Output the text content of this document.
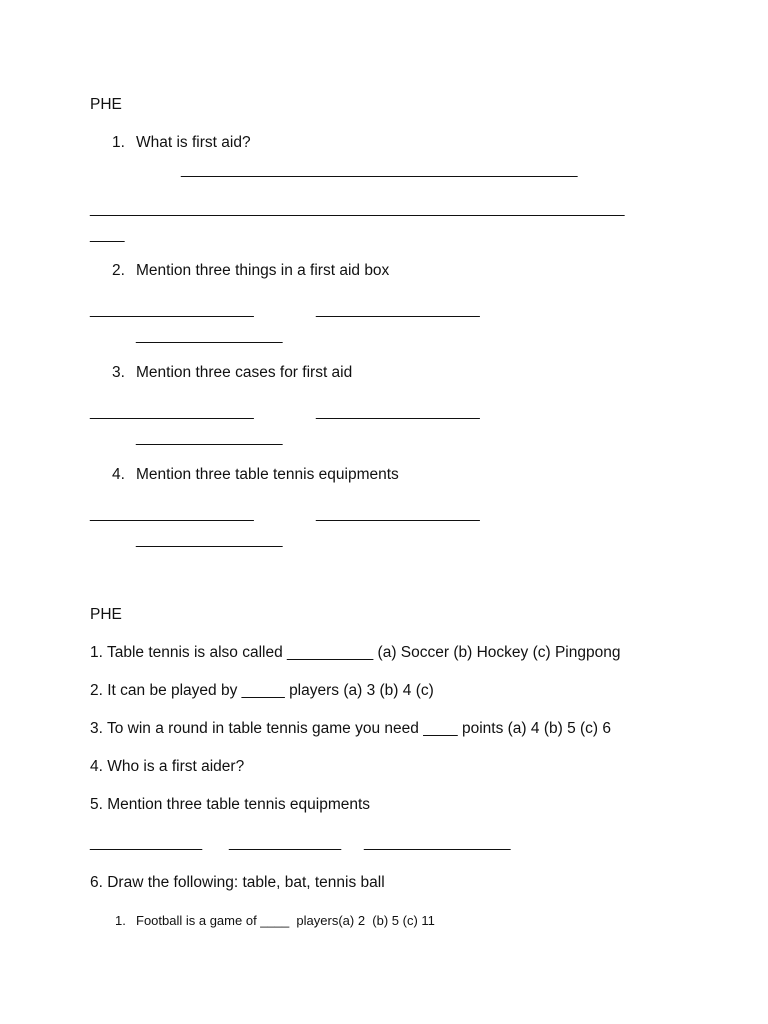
PHE
1. What is first aid?
______________________________________________
______________________________________________________________
____
2. Mention three things in a first aid box
___________________	___________________
_________________
3. Mention three cases for first aid
___________________	___________________
_________________
4. Mention three table tennis equipments
___________________	___________________
_________________
PHE
1. Table tennis is also called __________ (a) Soccer (b) Hockey (c) Pingpong
2. It can be played by _____ players (a) 3 (b) 4 (c)
3. To win a round in table tennis game you need ____ points (a) 4 (b) 5 (c) 6
4. Who is a first aider?
5. Mention three table tennis equipments
_____________ _____________ _________________
6. Draw the following: table, bat, tennis ball
1. Football is a game of ____  players(a) 2  (b) 5 (c) 11
